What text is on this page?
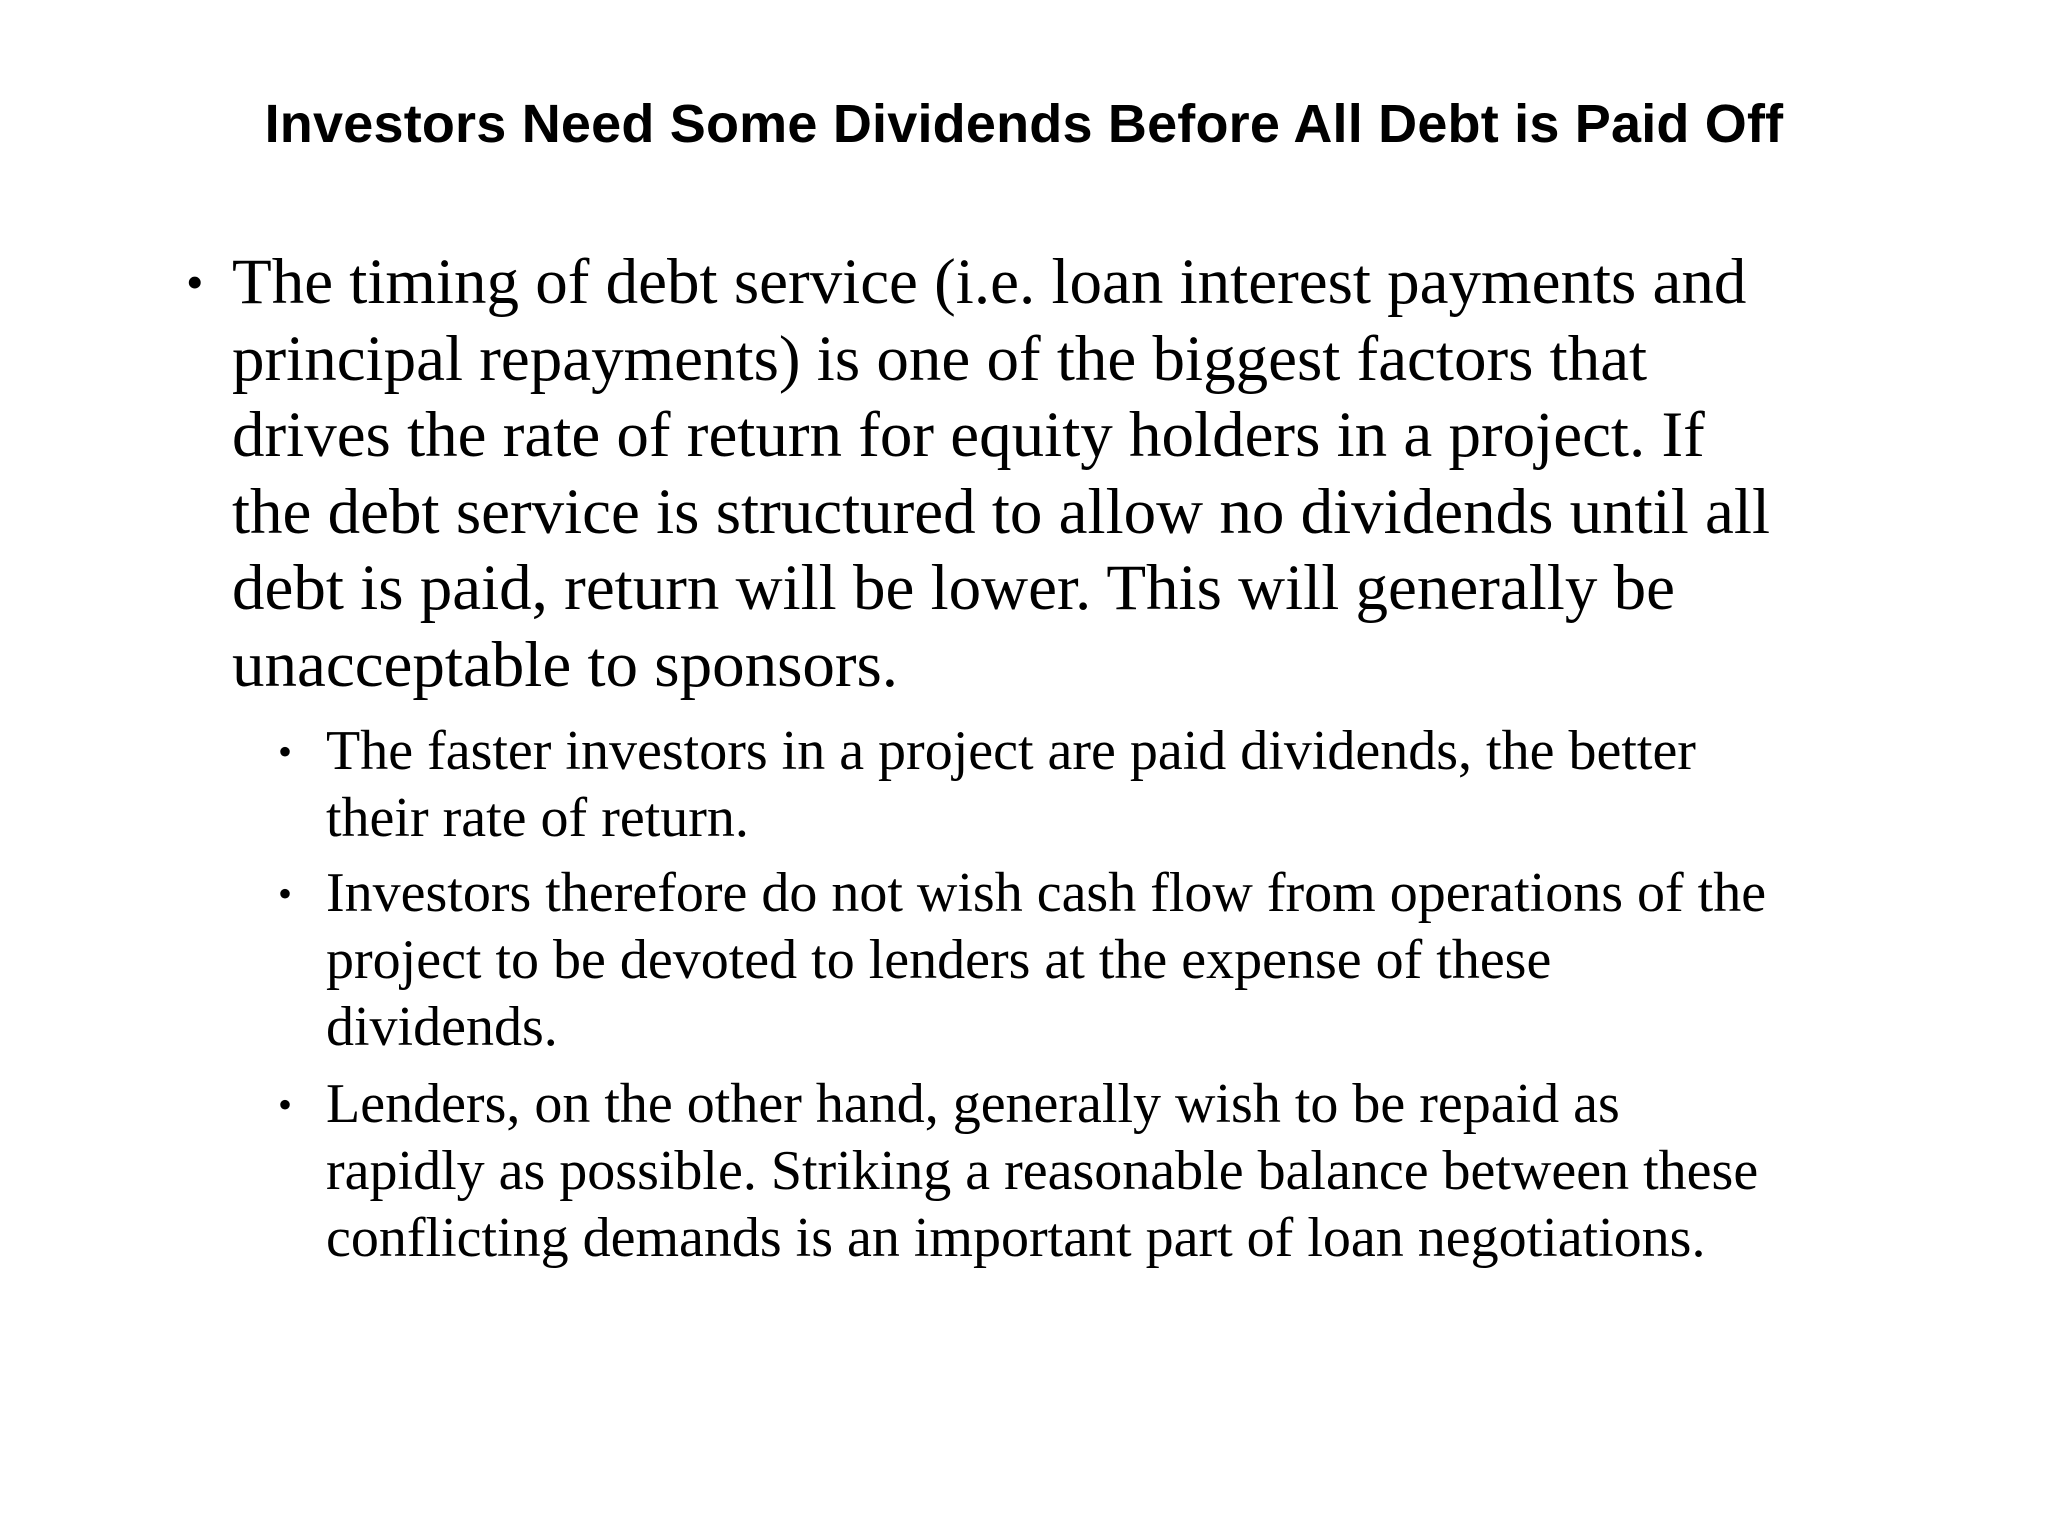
Investors Need Some Dividends Before All Debt is Paid Off
• The timing of debt service (i.e. loan interest payments and
principal repayments) is one of the biggest factors that
drives the rate of return for equity holders in a project. If
the debt service is structured to allow no dividends until all
debt is paid, return will be lower. This will generally be
unacceptable to sponsors.
• The faster investors in a project are paid dividends, the better
their rate of return.
• Investors therefore do not wish cash flow from operations of the
project to be devoted to lenders at the expense of these
dividends.
• Lenders, on the other hand, generally wish to be repaid as
rapidly as possible. Striking a reasonable balance between these
conflicting demands is an important part of loan negotiations.
